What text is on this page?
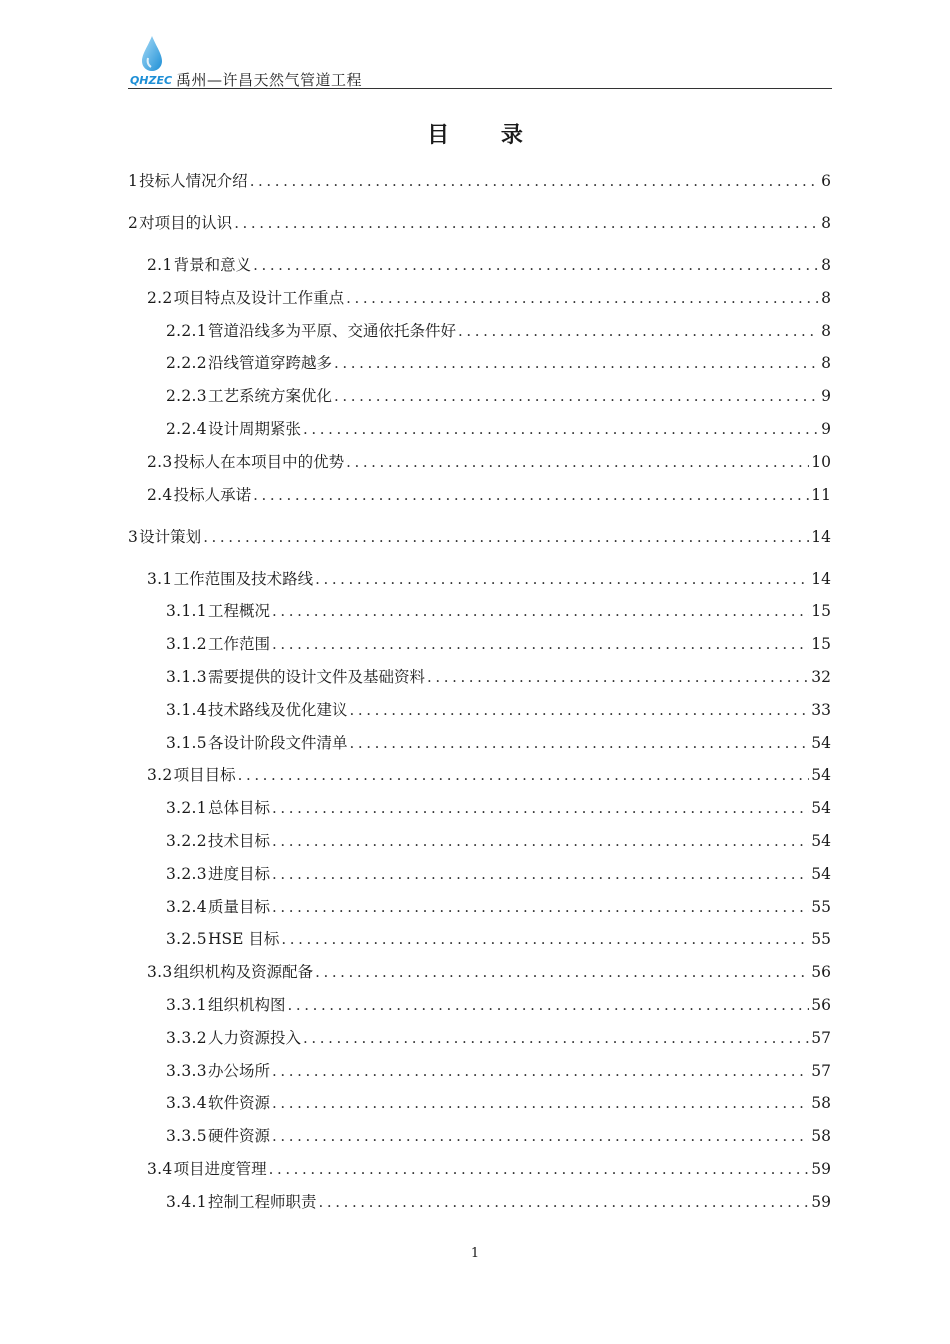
QHZEC 禹州—许昌天然气管道工程
目 录
1 投标人情况介绍 .....	6
2 对项目的认识 .....	8
2.1 背景和意义 .....	8
2.2 项目特点及设计工作重点 .....	8
2.2.1 管道沿线多为平原、交通依托条件好 .....	8
2.2.2 沿线管道穿跨越多 .....	8
2.2.3 工艺系统方案优化 .....	9
2.2.4 设计周期紧张 .....	9
2.3 投标人在本项目中的优势 .....	10
2.4 投标人承诺 .....	11
3 设计策划 .....	14
3.1 工作范围及技术路线 .....	14
3.1.1 工程概况 .....	15
3.1.2 工作范围 .....	15
3.1.3 需要提供的设计文件及基础资料 .....	32
3.1.4 技术路线及优化建议 .....	33
3.1.5 各设计阶段文件清单 .....	54
3.2 项目目标 .....	54
3.2.1 总体目标 .....	54
3.2.2 技术目标 .....	54
3.2.3 进度目标 .....	54
3.2.4 质量目标 .....	55
3.2.5 HSE 目标 .....	55
3.3 组织机构及资源配备 .....	56
3.3.1 组织机构图 .....	56
3.3.2 人力资源投入 .....	57
3.3.3 办公场所 .....	57
3.3.4 软件资源 .....	58
3.3.5 硬件资源 .....	58
3.4 项目进度管理 .....	59
3.4.1 控制工程师职责 .....	59
1
